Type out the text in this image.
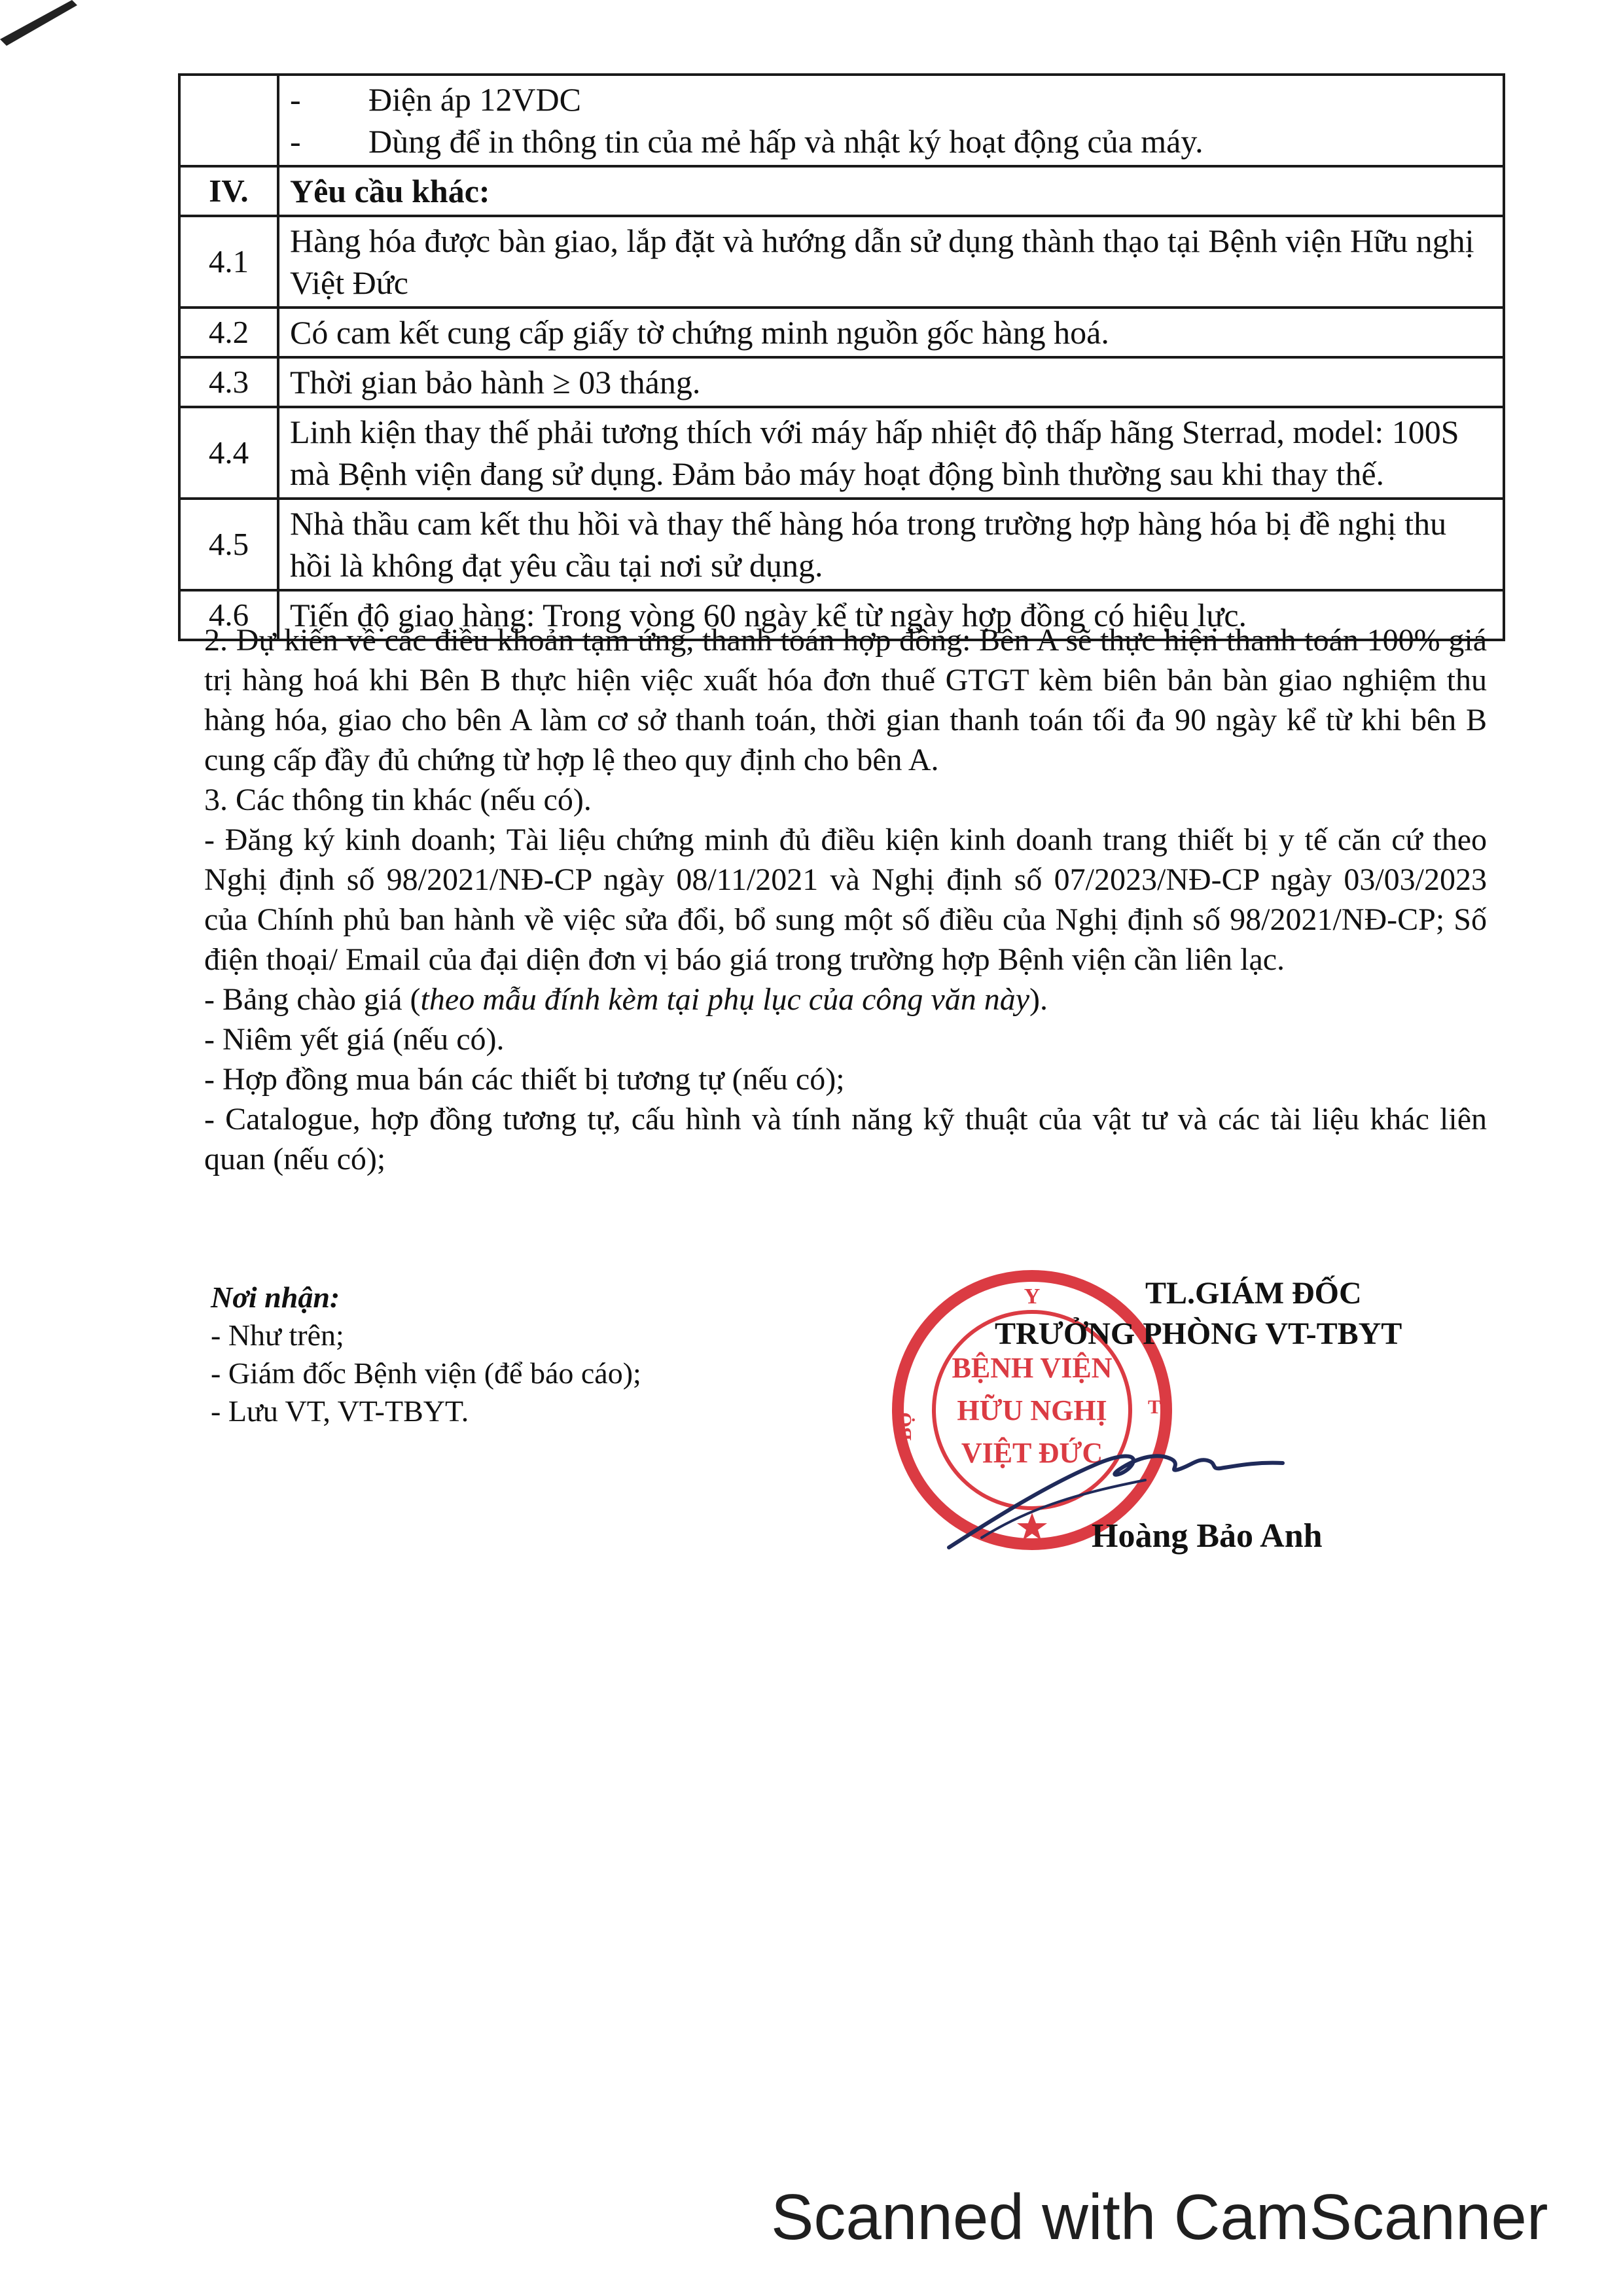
	- Điện áp 12VDC
- Dùng để in thông tin của mẻ hấp và nhật ký hoạt động của máy.

IV.	Yêu cầu khác:
4.1	Hàng hóa được bàn giao, lắp đặt và hướng dẫn sử dụng thành thạo tại Bệnh viện Hữu nghị Việt Đức
4.2	Có cam kết cung cấp giấy tờ chứng minh nguồn gốc hàng hoá.
4.3	Thời gian bảo hành ≥ 03 tháng.
4.4	Linh kiện thay thế phải tương thích với máy hấp nhiệt độ thấp hãng Sterrad, model: 100S mà Bệnh viện đang sử dụng. Đảm bảo máy hoạt động bình thường sau khi thay thế.
4.5	Nhà thầu cam kết thu hồi và thay thế hàng hóa trong trường hợp hàng hóa bị đề nghị thu hồi là không đạt yêu cầu tại nơi sử dụng.
4.6	Tiến độ giao hàng: Trong vòng 60 ngày kể từ ngày hợp đồng có hiệu lực.

2. Dự kiến về các điều khoản tạm ứng, thanh toán hợp đồng: Bên A sẽ thực hiện thanh toán 100% giá trị hàng hoá khi Bên B thực hiện việc xuất hóa đơn thuế GTGT kèm biên bản bàn giao nghiệm thu hàng hóa, giao cho bên A làm cơ sở thanh toán, thời gian thanh toán tối đa 90 ngày kể từ khi bên B cung cấp đầy đủ chứng từ hợp lệ theo quy định cho bên A.

3. Các thông tin khác (nếu có).

- Đăng ký kinh doanh; Tài liệu chứng minh đủ điều kiện kinh doanh trang thiết bị y tế căn cứ theo Nghị định số 98/2021/NĐ-CP ngày 08/11/2021 và Nghị định số 07/2023/NĐ-CP ngày 03/03/2023 của Chính phủ ban hành về việc sửa đổi, bổ sung một số điều của Nghị định số 98/2021/NĐ-CP; Số điện thoại/ Email của đại diện đơn vị báo giá trong trường hợp Bệnh viện cần liên lạc.

- Bảng chào giá (theo mẫu đính kèm tại phụ lục của công văn này).

- Niêm yết giá (nếu có).

- Hợp đồng mua bán các thiết bị tương tự (nếu có);

- Catalogue, hợp đồng tương tự, cấu hình và tính năng kỹ thuật của vật tư và các tài liệu khác liên quan (nếu có);

Nơi nhận:
- Như trên;
- Giám đốc Bệnh viện (để báo cáo);
- Lưu VT, VT-TBYT.
Y
BỘ
T
BỆNH VIỆN
HỮU NGHỊ
VIỆT ĐỨC
TL.GIÁM ĐỐC
TRƯỞNG PHÒNG VT-TBYT
Hoàng Bảo Anh
Scanned with CamScanner
